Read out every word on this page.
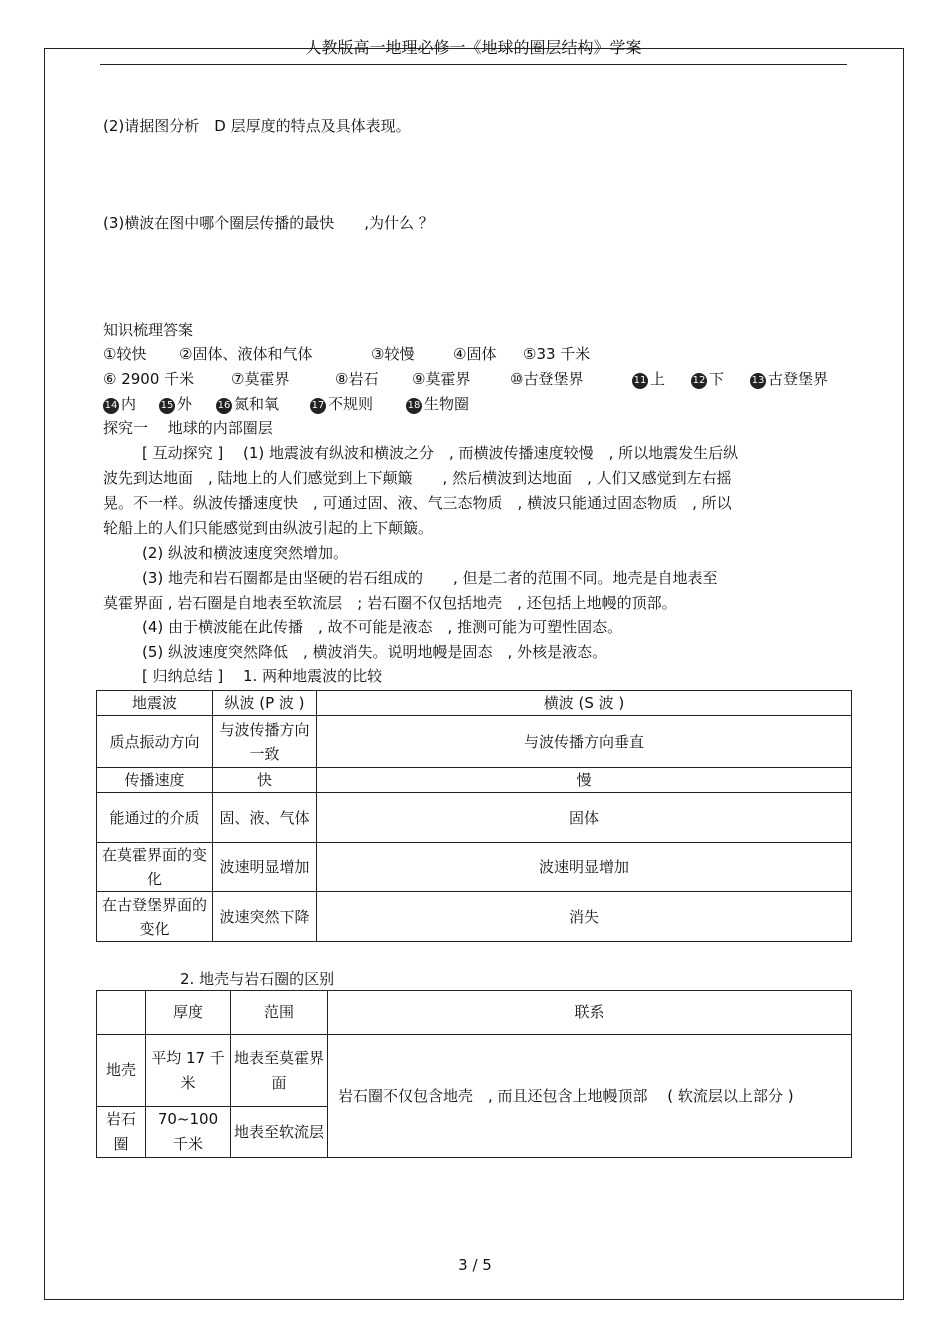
人教版高一地理必修一《地球的圈层结构》学案
(2)请据图分析　D 层厚度的特点及具体表现。
(3)横波在图中哪个圈层传播的最快　　,为什么 ？
知识梳理答案
①较快 ②固体、液体和气体	③较慢	④固体 ⑤33 千米
⑥ 2900 千米 ⑦莫霍界	⑧岩石 ⑨莫霍界	⑩古登堡界	11 上	12 下	13 古登堡界
14 内 15 外	16 氮和氧	17 不规则	18 生物圈
探究一　 地球的内部圈层
[ 互动探究 ]　 (1) 地震波有纵波和横波之分　, 而横波传播速度较慢　, 所以地震发生后纵
波先到达地面　, 陆地上的人们感觉到上下颠簸　　, 然后横波到达地面　, 人们又感觉到左右摇
晃。不一样。纵波传播速度快　, 可通过固、液、气三态物质　, 横波只能通过固态物质　, 所以
轮船上的人们只能感觉到由纵波引起的上下颠簸。
(2) 纵波和横波速度突然增加。
(3) 地壳和岩石圈都是由坚硬的岩石组成的　　, 但是二者的范围不同。地壳是自地表至
莫霍界面 , 岩石圈是自地表至软流层　; 岩石圈不仅包括地壳　, 还包括上地幔的顶部。
(4) 由于横波能在此传播　, 故不可能是液态　, 推测可能为可塑性固态。
(5) 纵波速度突然降低　, 横波消失。说明地幔是固态　, 外核是液态。
[ 归纳总结 ]　 1. 两种地震波的比较
地震波	纵波 (P 波 )	横波 (S 波 )
质点振动方向	与波传播方向一致	与波传播方向垂直
传播速度	快	慢
能通过的介质	固、液、气体	固体
在莫霍界面的变化	波速明显增加	波速明显增加
在古登堡界面的变化	波速突然下降	消失
2. 地壳与岩石圈的区别
	厚度	范围	联系
地壳	平均 17 千米	地表至莫霍界面	岩石圈不仅包含地壳　, 而且还包含上地幔顶部　 ( 软流层以上部分 )
岩石圈	70~100 千米	地表至软流层	
3 / 5
